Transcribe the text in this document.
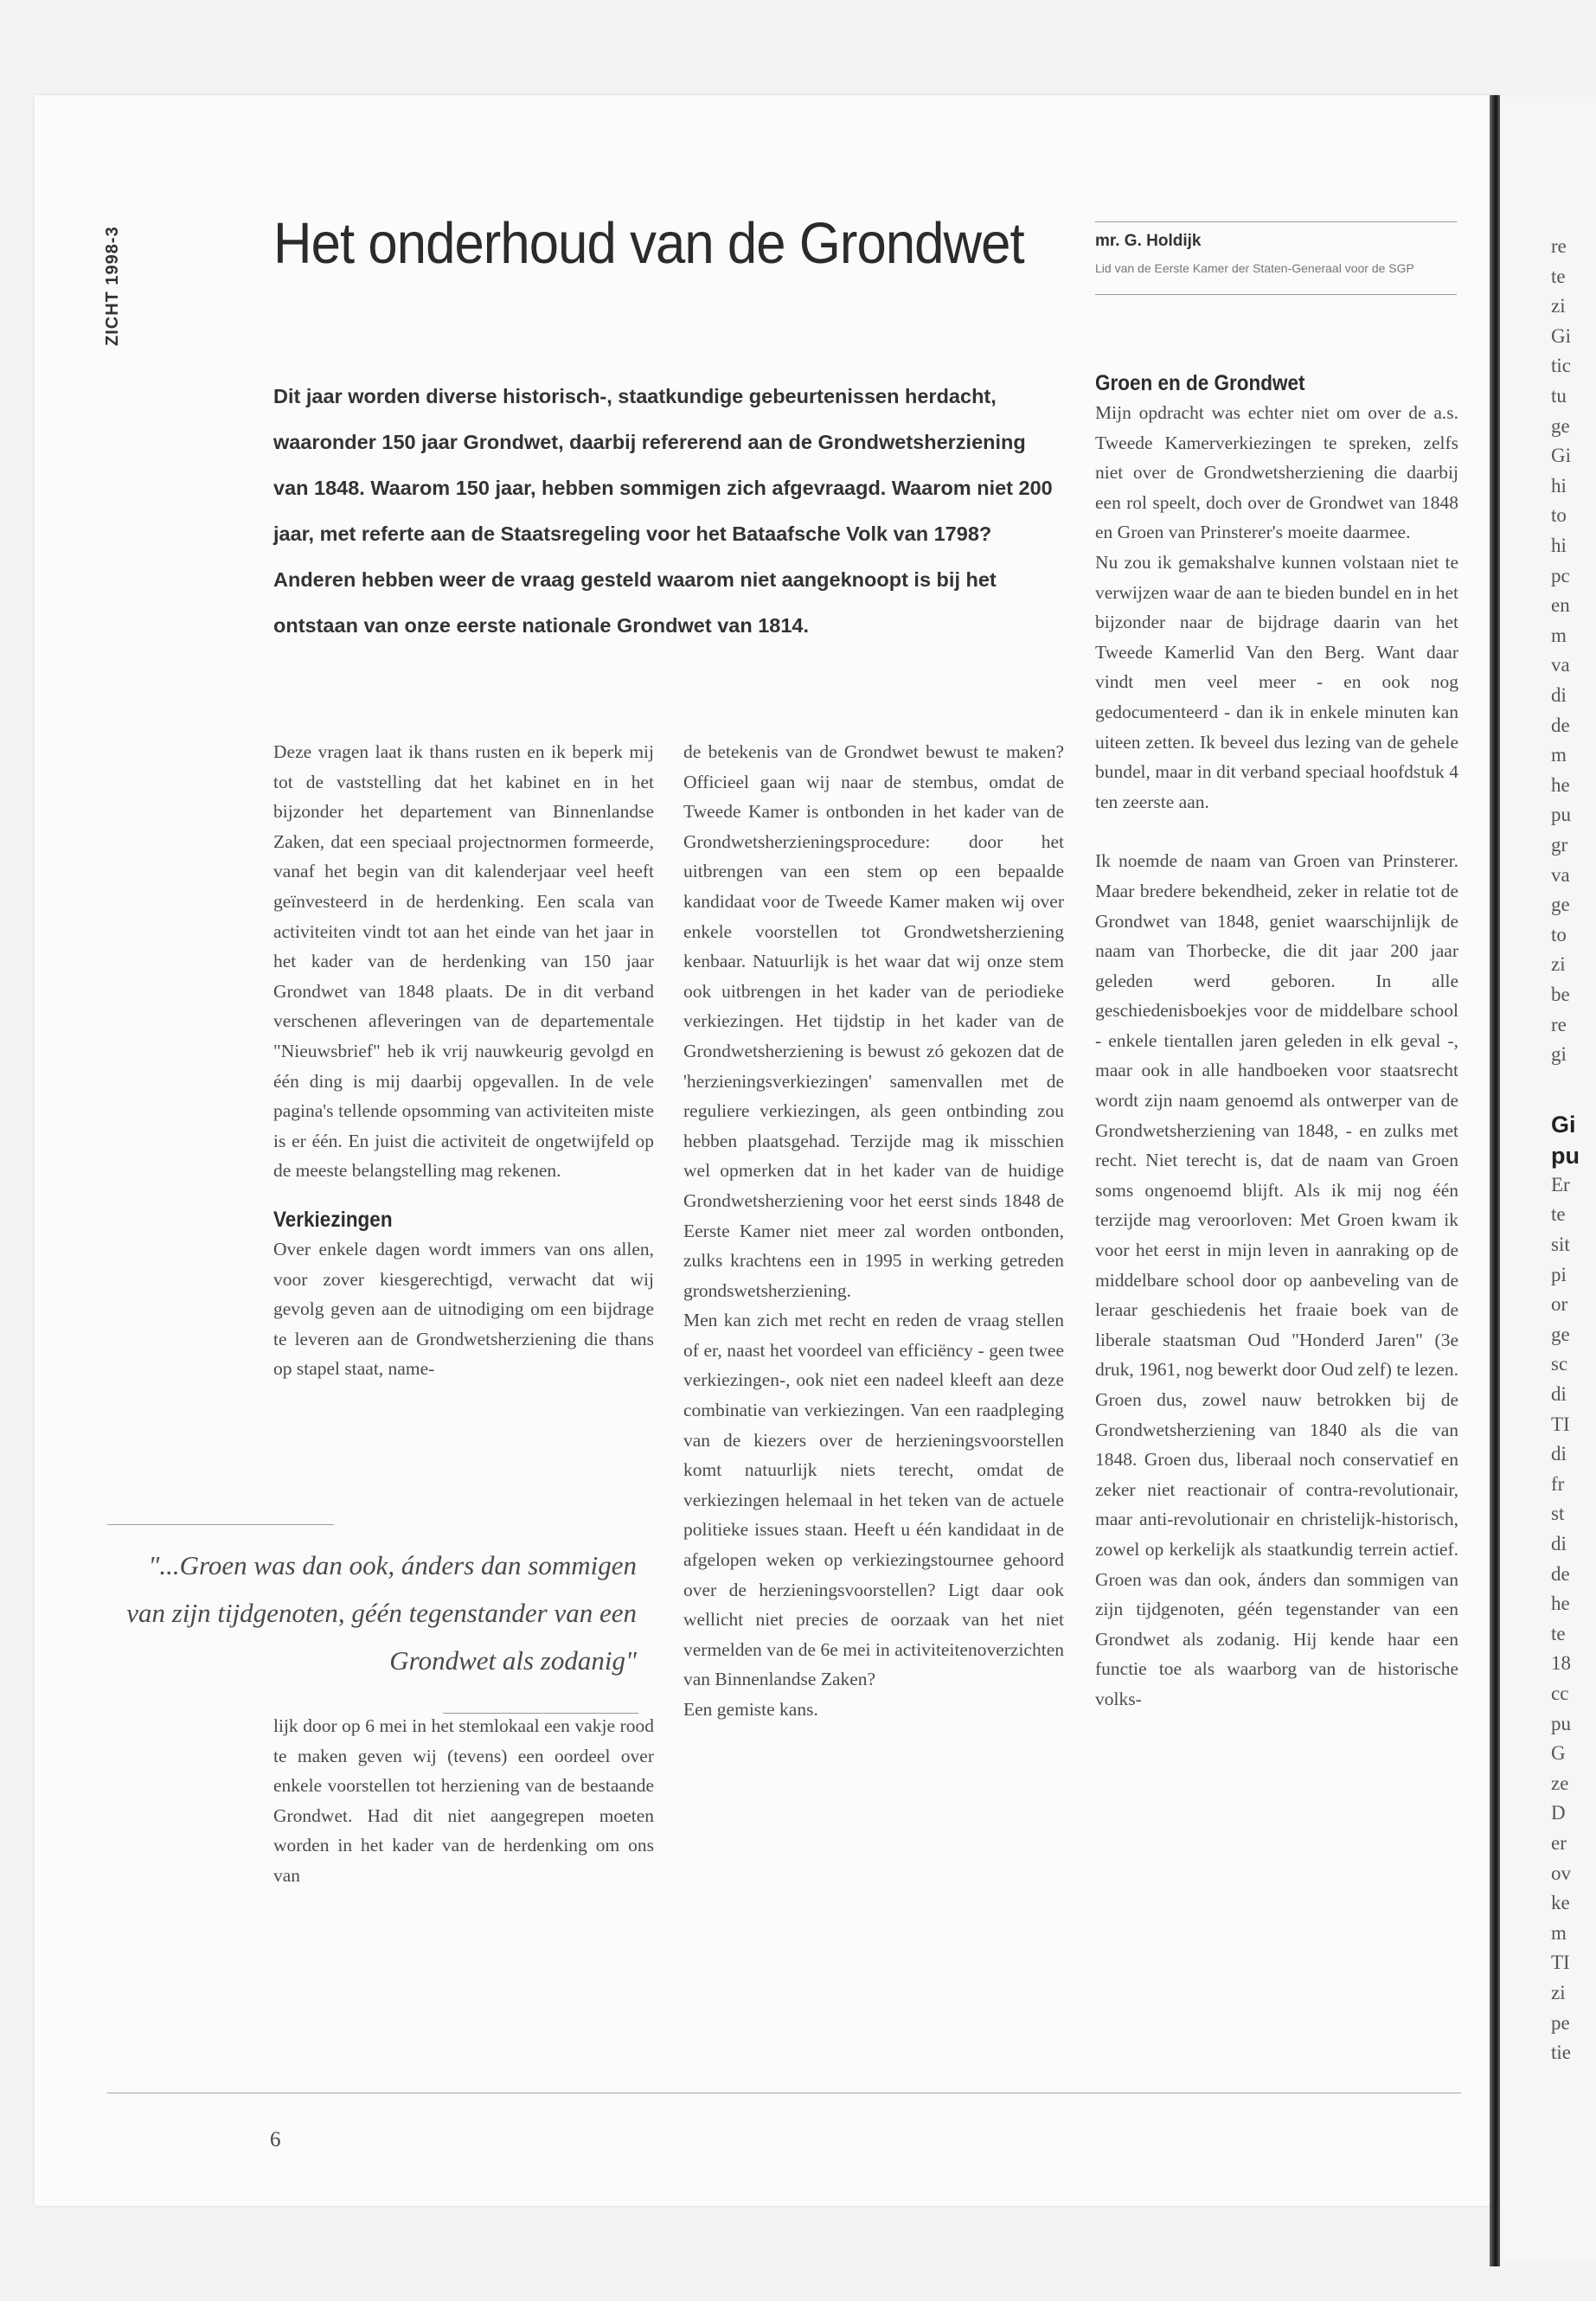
re
te
zi
Gi
tic
tu
ge
Gi
hi
to
hi
pc
en
m
va
di
de
m
he
pu
gr
va
ge
to
zi
be
re
gi
Gi
pu
Er
te
sit
pi
or
ge
sc
di
TI
di
fr
st
di
de
he
te
18
cc
pu
G
ze
D
er
ov
ke
m
TI
zi
pe
tie
ZICHT 1998-3	Het onderhoud van de Grondwet	mr. G. Holdijk
Lid van de Eerste Kamer der Staten-Generaal voor de SGP

Dit jaar worden diverse historisch-, staatkundige gebeurtenissen herdacht, waaronder 150 jaar Grondwet, daarbij refererend aan de Grondwetsherziening van 1848. Waarom 150 jaar, hebben sommigen zich afgevraagd. Waarom niet 200 jaar, met referte aan de Staatsregeling voor het Bataafsche Volk van 1798? Anderen hebben weer de vraag gesteld waarom niet aangeknoopt is bij het ontstaan van onze eerste nationale Grondwet van 1814.

Deze vragen laat ik thans rusten en ik beperk mij tot de vaststelling dat het kabinet en in het bijzonder het departement van Binnenlandse Zaken, dat een speciaal projectnormen formeerde, vanaf het begin van dit kalenderjaar veel heeft geïnvesteerd in de herdenking. Een scala van activiteiten vindt tot aan het einde van het jaar in het kader van de herdenking van 150 jaar Grondwet van 1848 plaats. De in dit verband verschenen afleveringen van de departementale "Nieuwsbrief" heb ik vrij nauwkeurig gevolgd en één ding is mij daarbij opgevallen. In de vele pagina's tellende opsomming van activiteiten miste is er één. En juist die activiteit de ongetwijfeld op de meeste belangstelling mag rekenen.

Verkiezingen

Over enkele dagen wordt immers van ons allen, voor zover kiesgerechtigd, verwacht dat wij gevolg geven aan de uitnodiging om een bijdrage te leveren aan de Grondwetsherziening die thans op stapel staat, name-

"...Groen was dan ook, ánders dan sommigen van zijn tijdgenoten, géén tegenstander van een Grondwet als zodanig"

lijk door op 6 mei in het stemlokaal een vakje rood te maken geven wij (tevens) een oordeel over enkele voorstellen tot herziening van de bestaande Grondwet. Had dit niet aangegrepen moeten worden in het kader van de herdenking om ons van

de betekenis van de Grondwet bewust te maken? Officieel gaan wij naar de stembus, omdat de Tweede Kamer is ontbonden in het kader van de Grondwetsherzieningsprocedure: door het uitbrengen van een stem op een bepaalde kandidaat voor de Tweede Kamer maken wij over enkele voorstellen tot Grondwetsherziening kenbaar. Natuurlijk is het waar dat wij onze stem ook uitbrengen in het kader van de periodieke verkiezingen. Het tijdstip in het kader van de Grondwetsherziening is bewust zó gekozen dat de 'herzieningsverkiezingen' samenvallen met de reguliere verkiezingen, als geen ontbinding zou hebben plaatsgehad. Terzijde mag ik misschien wel opmerken dat in het kader van de huidige Grondwetsherziening voor het eerst sinds 1848 de Eerste Kamer niet meer zal worden ontbonden, zulks krachtens een in 1995 in werking getreden grondswetsherziening.

Men kan zich met recht en reden de vraag stellen of er, naast het voordeel van efficiëncy - geen twee verkiezingen-, ook niet een nadeel kleeft aan deze combinatie van verkiezingen. Van een raadpleging van de kiezers over de herzieningsvoorstellen komt natuurlijk niets terecht, omdat de verkiezingen helemaal in het teken van de actuele politieke issues staan. Heeft u één kandidaat in de afgelopen weken op verkiezingstournee gehoord over de herzieningsvoorstellen? Ligt daar ook wellicht niet precies de oorzaak van het niet vermelden van de 6e mei in activiteitenoverzichten van Binnenlandse Zaken?

Een gemiste kans.

Groen en de Grondwet

Mijn opdracht was echter niet om over de a.s. Tweede Kamerverkiezingen te spreken, zelfs niet over de Grondwetsherziening die daarbij een rol speelt, doch over de Grondwet van 1848 en Groen van Prinsterer's moeite daarmee.

Nu zou ik gemakshalve kunnen volstaan niet te verwijzen waar de aan te bieden bundel en in het bijzonder naar de bijdrage daarin van het Tweede Kamerlid Van den Berg. Want daar vindt men veel meer - en ook nog gedocumenteerd - dan ik in enkele minuten kan uiteen zetten. Ik beveel dus lezing van de gehele bundel, maar in dit verband speciaal hoofdstuk 4 ten zeerste aan.

Ik noemde de naam van Groen van Prinsterer. Maar bredere bekendheid, zeker in relatie tot de Grondwet van 1848, geniet waarschijnlijk de naam van Thorbecke, die dit jaar 200 jaar geleden werd geboren. In alle geschiedenisboekjes voor de middelbare school - enkele tientallen jaren geleden in elk geval -, maar ook in alle handboeken voor staatsrecht wordt zijn naam genoemd als ontwerper van de Grondwetsherziening van 1848, - en zulks met recht. Niet terecht is, dat de naam van Groen soms ongenoemd blijft. Als ik mij nog één terzijde mag veroorloven: Met Groen kwam ik voor het eerst in mijn leven in aanraking op de middelbare school door op aanbeveling van de leraar geschiedenis het fraaie boek van de liberale staatsman Oud "Honderd Jaren" (3e druk, 1961, nog bewerkt door Oud zelf) te lezen. Groen dus, zowel nauw betrokken bij de Grondwetsherziening van 1840 als die van 1848. Groen dus, liberaal noch conservatief en zeker niet reactionair of contra-revolutionair, maar anti-revolutionair en christelijk-historisch, zowel op kerkelijk als staatkundig terrein actief. Groen was dan ook, ánders dan sommigen van zijn tijdgenoten, géén tegenstander van een Grondwet als zodanig. Hij kende haar een functie toe als waarborg van de historische volks-

6
